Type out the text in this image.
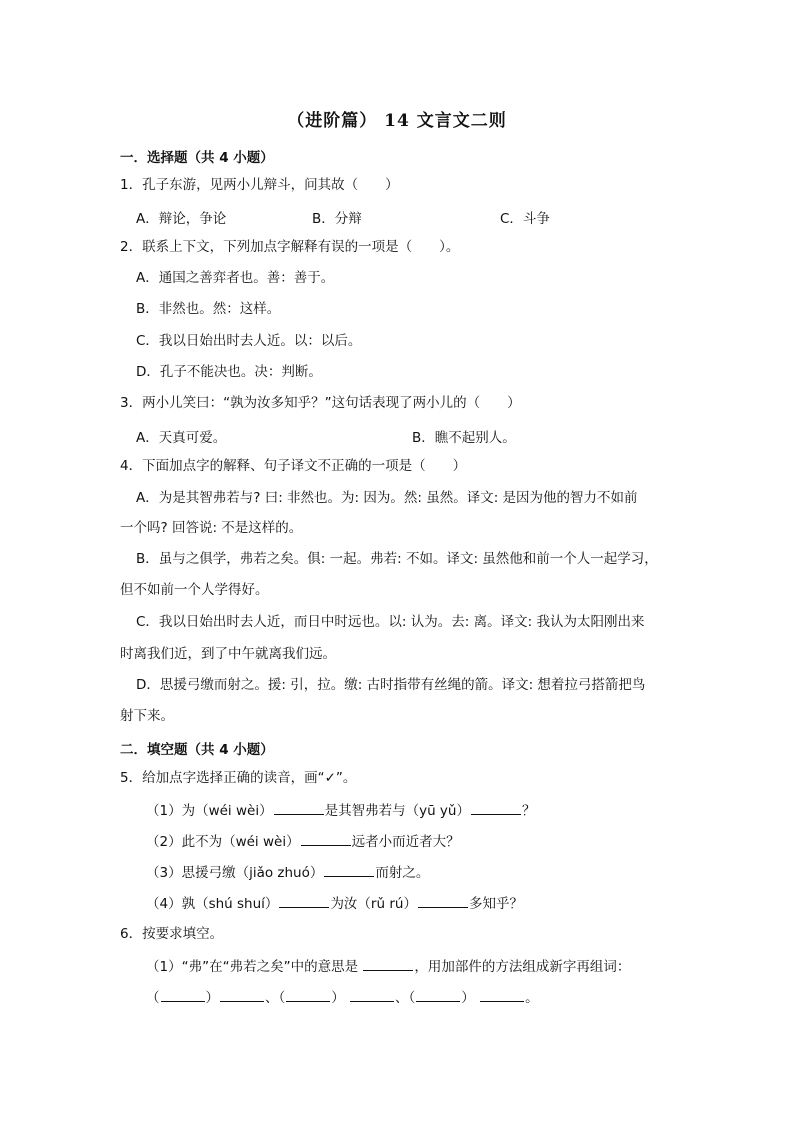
（进阶篇） 14 文言文二则
一．选择题（共 4 小题）
1．孔子东游，见两小儿辩斗，问其故（　　）
A．辩论，争论	B．分辩	C．斗争
2．联系上下文，下列加点字解释有误的一项是（　　）。
A．通国之善弈者也。善：善于。
B．非然也。然：这样。
C．我以日始出时去人近。以：以后。
D．孔子不能决也。决：判断。
3．两小儿笑曰：“孰为汝多知乎？”这句话表现了两小儿的（　　）
A．天真可爱。	B．瞧不起别人。
4．下面加点字的解释、句子译文不正确的一项是（　　）
A．为是其智弗若与? 曰: 非然也。为: 因为。然: 虽然。译文: 是因为他的智力不如前
一个吗? 回答说: 不是这样的。
B．虽与之俱学，弗若之矣。俱: 一起。弗若: 不如。译文: 虽然他和前一个人一起学习，
但不如前一个人学得好。
C．我以日始出时去人近，而日中时远也。以: 认为。去: 离。译文: 我认为太阳刚出来
时离我们近，到了中午就离我们远。
D．思援弓缴而射之。援: 引，拉。缴: 古时指带有丝绳的箭。译文: 想着拉弓搭箭把鸟
射下来。
二．填空题（共 4 小题）
5．给加点字选择正确的读音，画“✓”。
（1）为（wéi wèi）	是其智弗若与（yū yǔ）	？
（2）此不为（wéi wèi）	远者小而近者大？
（3）思援弓缴（jiǎo zhuó）	而射之。
（4）孰（shú shuí）	为汝（rǔ rú）	多知乎？
6．按要求填空。
（1）“弗”在“弗若之矣”中的意思是	，用加部件的方法组成新字再组词：
（	）	、（	）	、（	）	。
